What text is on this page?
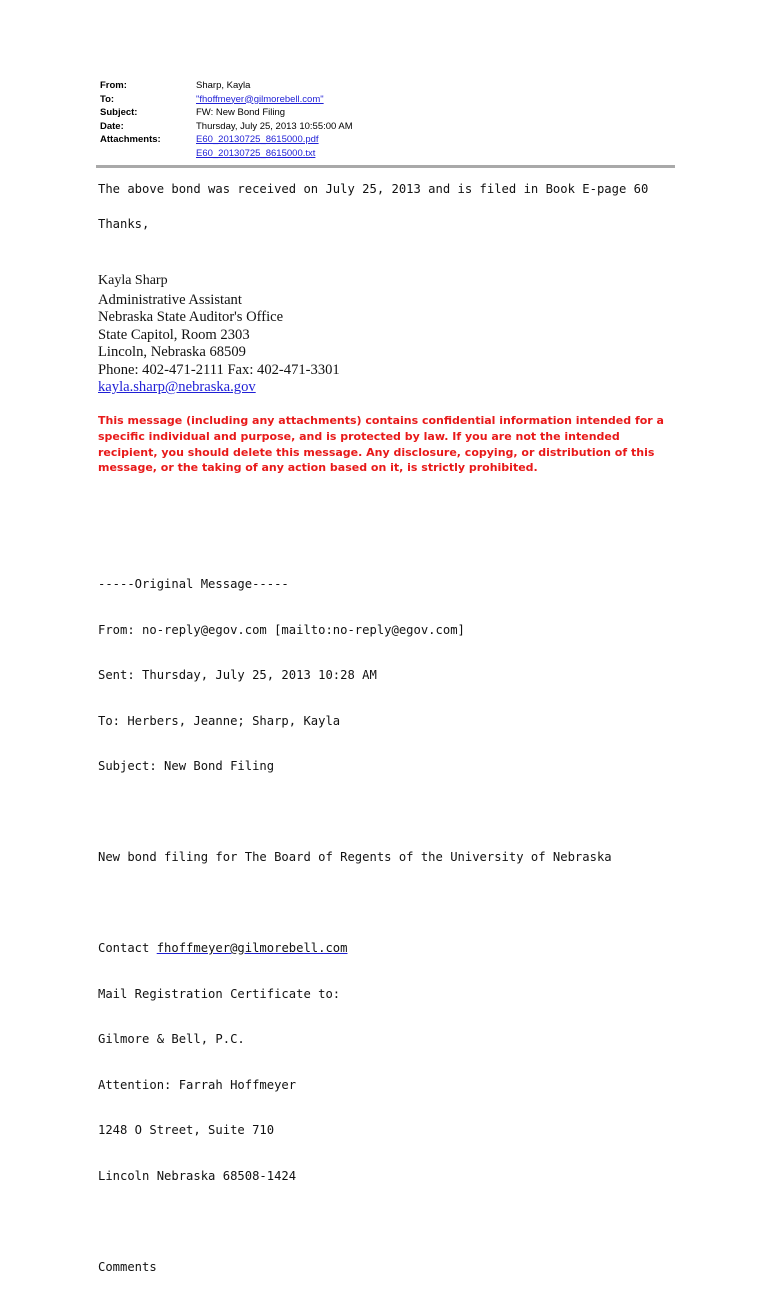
From:	Sharp, Kayla
To:	"fhoffmeyer@gilmorebell.com"
Subject:	FW: New Bond Filing
Date:	Thursday, July 25, 2013 10:55:00 AM
Attachments:	E60_20130725_8615000.pdf
E60_20130725_8615000.txt
The above bond was received on July 25, 2013 and is filed in Book E-page 60
Thanks,
Kayla Sharp
Administrative Assistant
Nebraska State Auditor's Office
State Capitol, Room 2303
Lincoln, Nebraska 68509
Phone: 402-471-2111 Fax: 402-471-3301
kayla.sharp@nebraska.gov
This message (including any attachments) contains confidential information intended for a
specific individual and purpose, and is protected by law. If you are not the intended
recipient, you should delete this message. Any disclosure, copying, or distribution of this
message, or the taking of any action based on it, is strictly prohibited.

-----Original Message-----

From: no-reply@egov.com [mailto:no-reply@egov.com]

Sent: Thursday, July 25, 2013 10:28 AM

To: Herbers, Jeanne; Sharp, Kayla

Subject: New Bond Filing

New bond filing for The Board of Regents of the University of Nebraska

Contact fhoffmeyer@gilmorebell.com

Mail Registration Certificate to:

Gilmore & Bell, P.C.

Attention: Farrah Hoffmeyer

1248 O Street, Suite 710

Lincoln Nebraska 68508-1424

Comments
